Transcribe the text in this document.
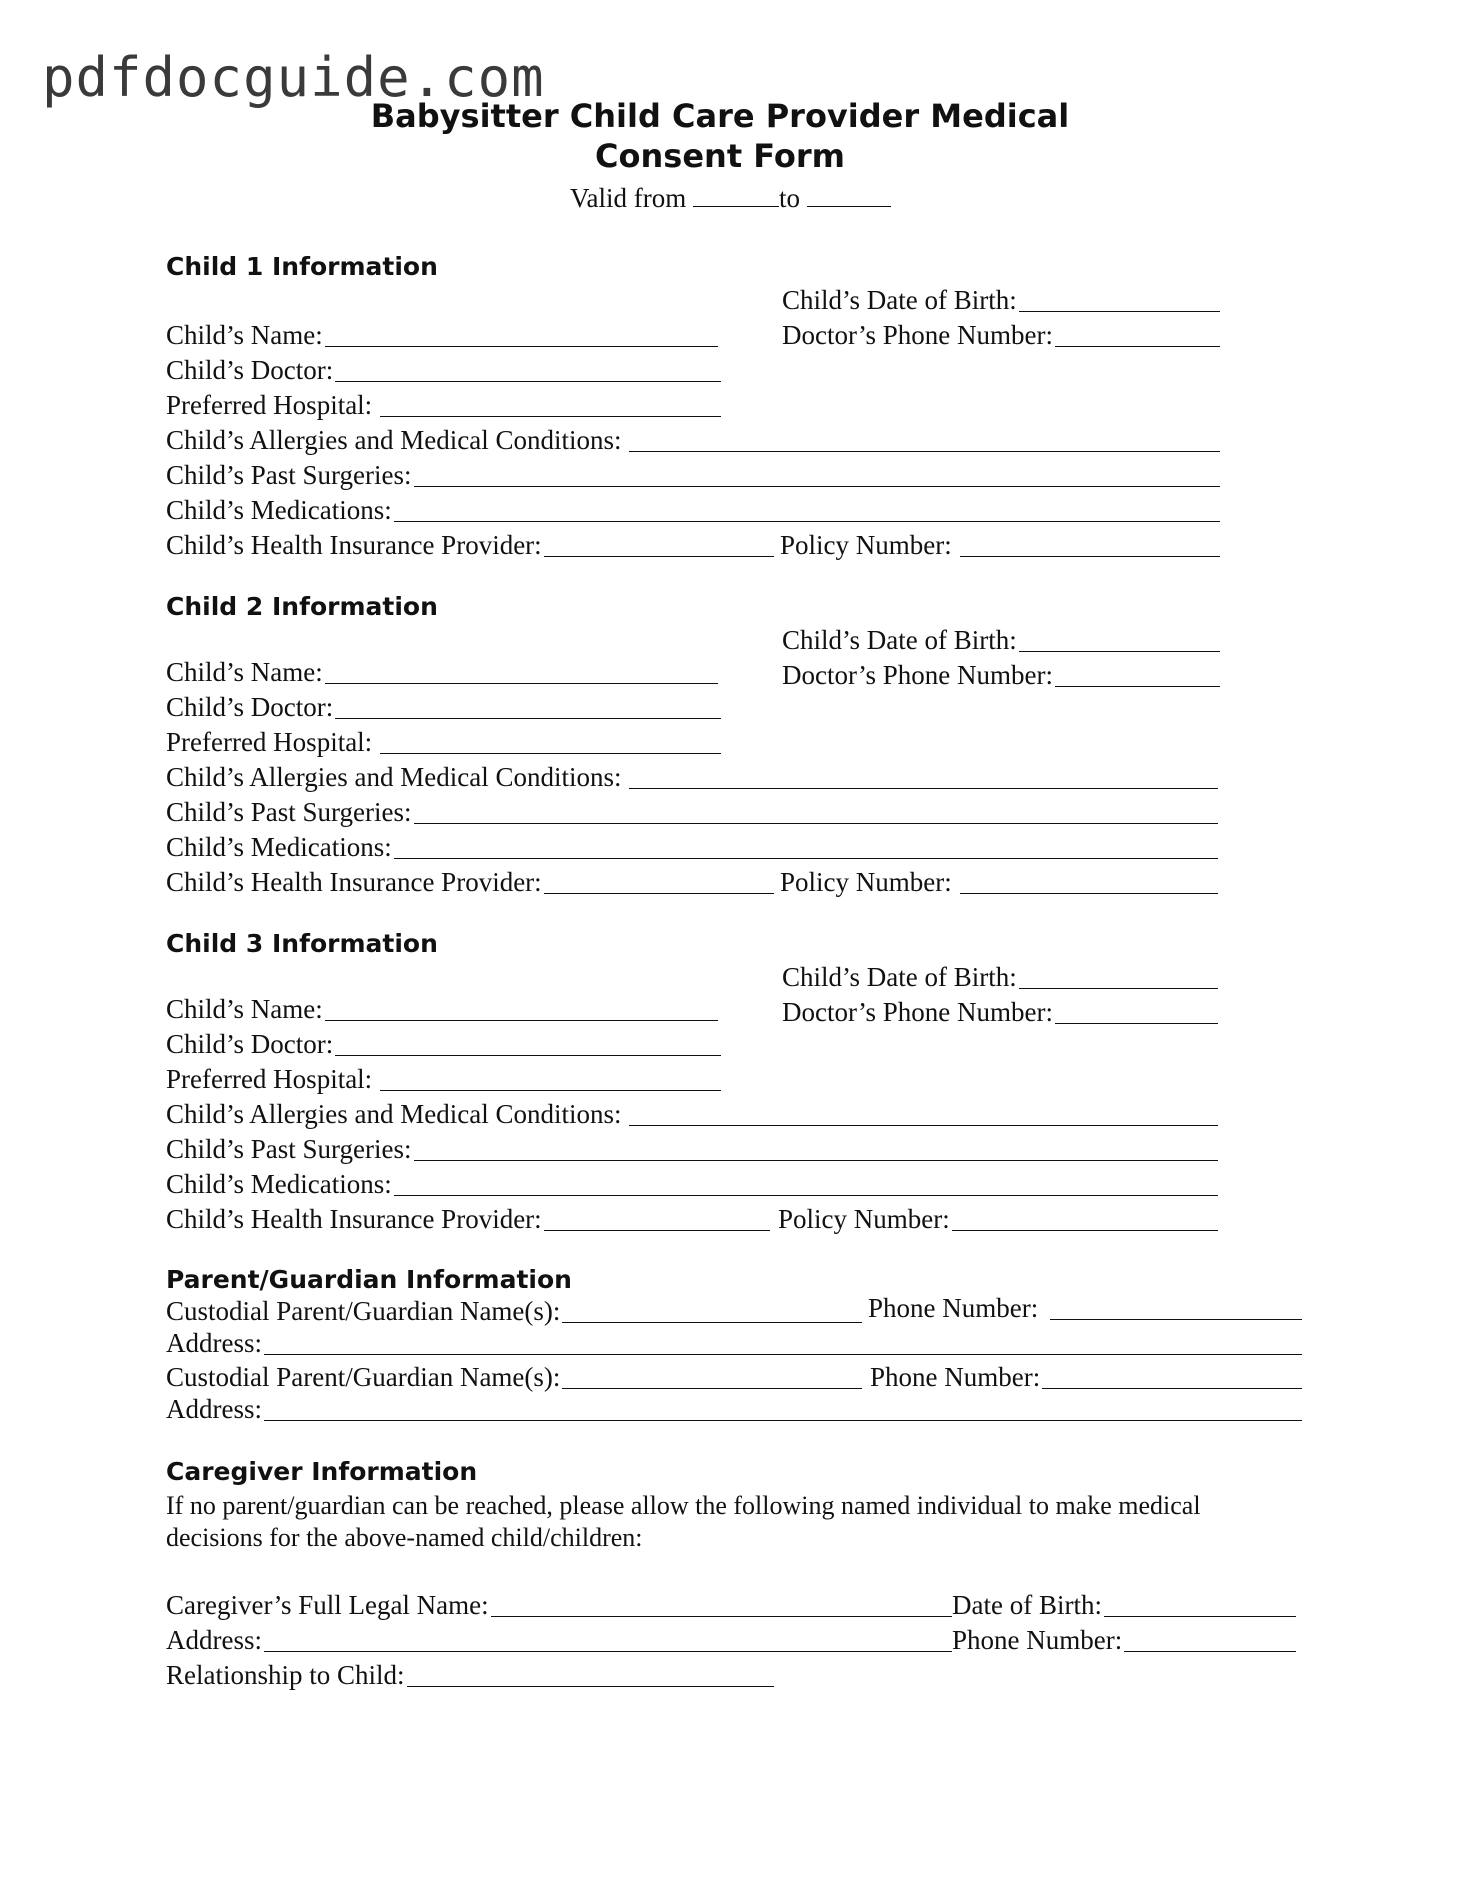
pdfdocguide.com
Babysitter Child Care Provider Medical
Consent Form
Valid from	to
Child 1 Information
Child’s Date of Birth:
Child’s Name:	Doctor’s Phone Number:
Child’s Doctor:
Preferred Hospital:
Child’s Allergies and Medical Conditions:
Child’s Past Surgeries:
Child’s Medications:
Child’s Health Insurance Provider:	Policy Number:
Child 2 Information
Child’s Date of Birth:
Child’s Name:	Doctor’s Phone Number:
Child’s Doctor:
Preferred Hospital:
Child’s Allergies and Medical Conditions:
Child’s Past Surgeries:
Child’s Medications:
Child’s Health Insurance Provider:	Policy Number:
Child 3 Information
Child’s Date of Birth:
Child’s Name:	Doctor’s Phone Number:
Child’s Doctor:
Preferred Hospital:
Child’s Allergies and Medical Conditions:
Child’s Past Surgeries:
Child’s Medications:
Child’s Health Insurance Provider:	Policy Number:
Parent/Guardian Information
Custodial Parent/Guardian Name(s):	Phone Number:
Address:
Custodial Parent/Guardian Name(s):	Phone Number:
Address:
Caregiver Information
If no parent/guardian can be reached, please allow the following named individual to make medical decisions for the above-named child/children:
Caregiver’s Full Legal Name:	Date of Birth:
Address:	Phone Number:
Relationship to Child:
